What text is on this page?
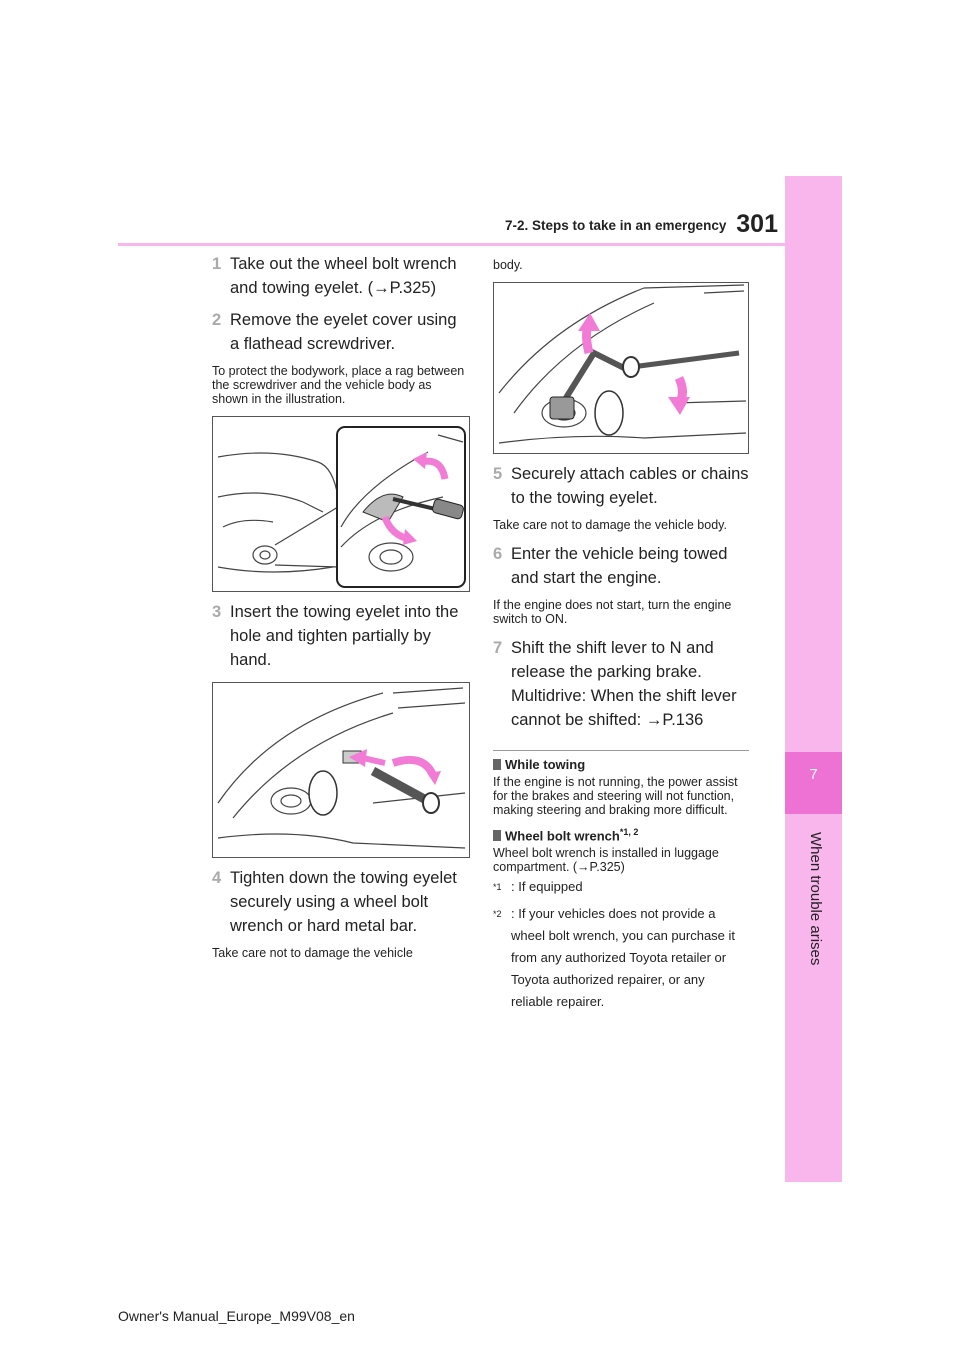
7
When trouble arises
7-2. Steps to take in an emergency 301
1 Take out the wheel bolt wrench and towing eyelet. (→P.325)
2 Remove the eyelet cover using a flathead screwdriver.
To protect the bodywork, place a rag between the screwdriver and the vehicle body as shown in the illustration.
3 Insert the towing eyelet into the hole and tighten partially by hand.
4 Tighten down the towing eyelet securely using a wheel bolt wrench or hard metal bar.
Take care not to damage the vehicle
body.
5 Securely attach cables or chains to the towing eyelet.
Take care not to damage the vehicle body.
6 Enter the vehicle being towed and start the engine.
If the engine does not start, turn the engine switch to ON.
7 Shift the shift lever to N and release the parking brake. Multidrive: When the shift lever cannot be shifted: →P.136
While towing
If the engine is not running, the power assist for the brakes and steering will not function, making steering and braking more difficult.
Wheel bolt wrench$^{*1, 2}$
Wheel bolt wrench is installed in luggage compartment. (→P.325)
$^{*1}$ : If equipped
$^{*2}$ : If your vehicles does not provide a wheel bolt wrench, you can purchase it from any authorized Toyota retailer or Toyota authorized repairer, or any reliable repairer.
Owner's Manual_Europe_M99V08_en
